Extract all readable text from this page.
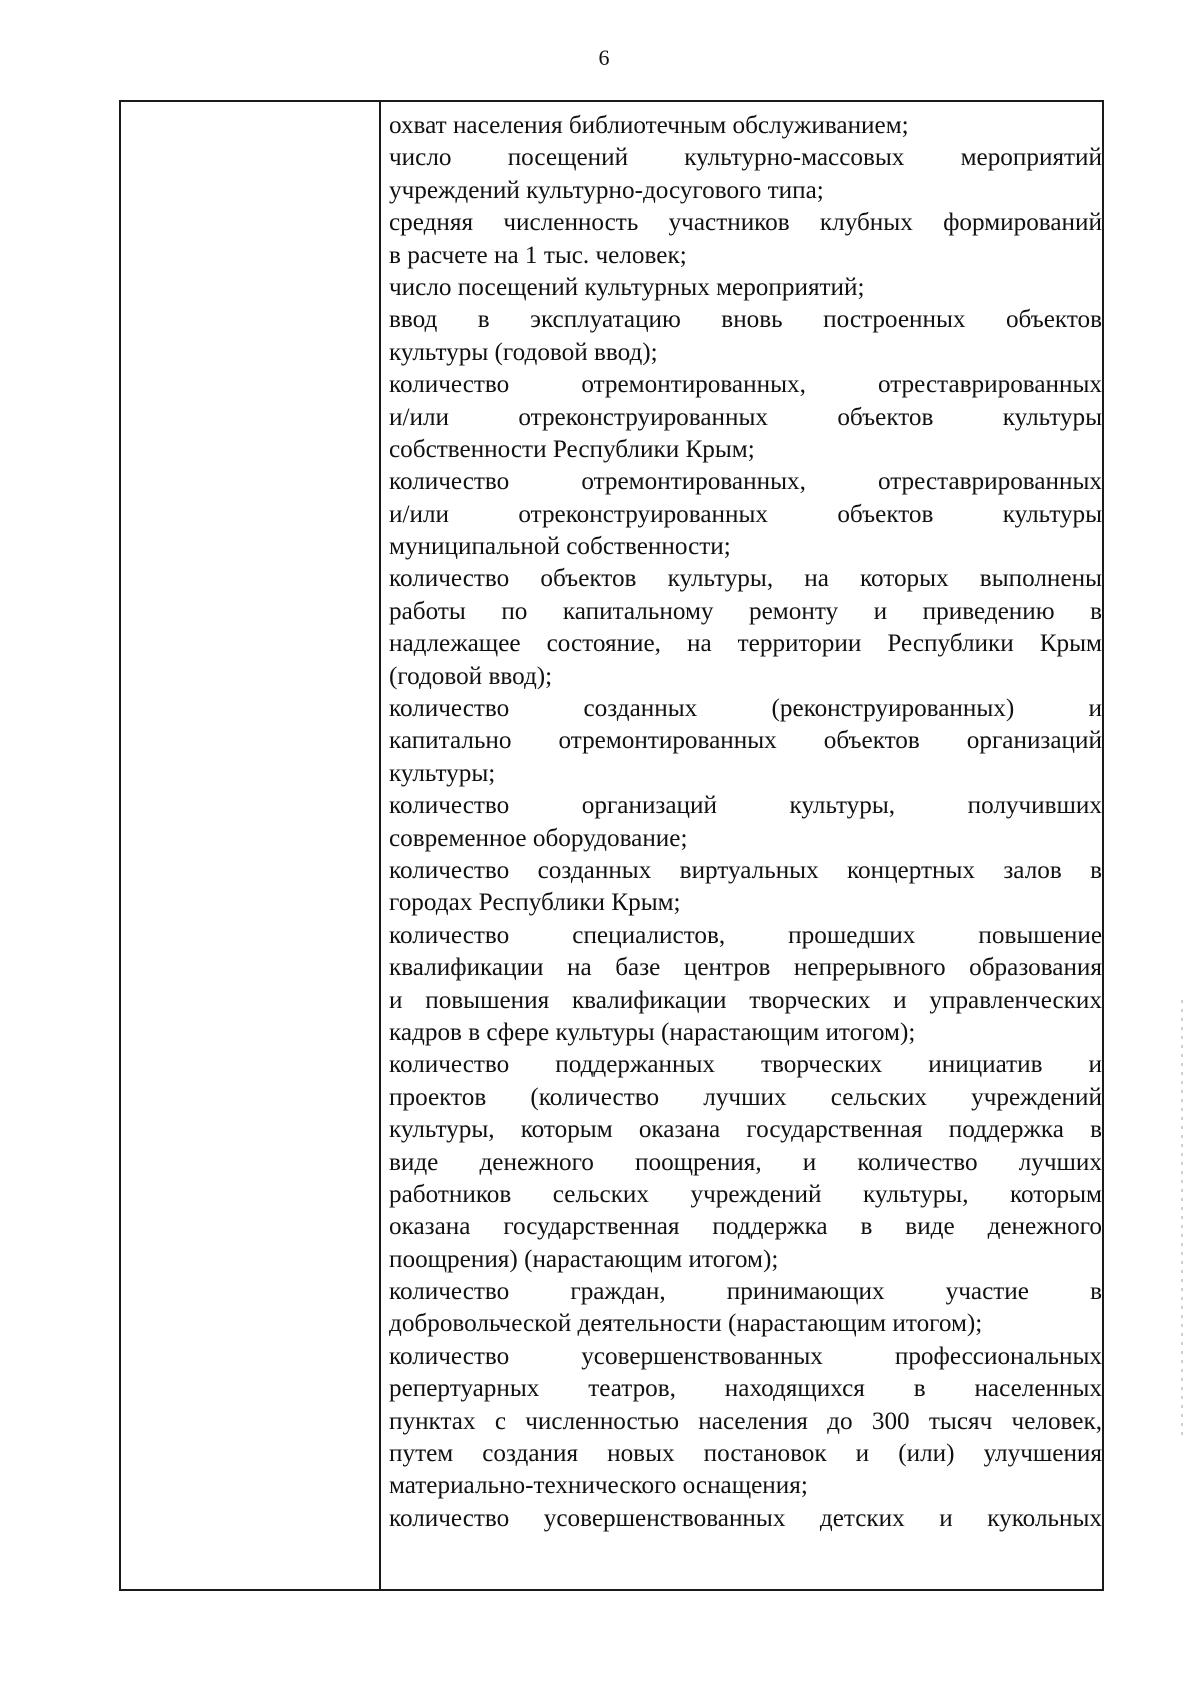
6
охват населения библиотечным обслуживанием;
число посещений культурно-массовых мероприятий
учреждений культурно-досугового типа;
средняя численность участников клубных формирований
в расчете на 1 тыс. человек;
число посещений культурных мероприятий;
ввод в эксплуатацию вновь построенных объектов
культуры (годовой ввод);
количество отремонтированных, отреставрированных
и/или отреконструированных объектов культуры
собственности Республики Крым;
количество отремонтированных, отреставрированных
и/или отреконструированных объектов культуры
муниципальной собственности;
количество объектов культуры, на которых выполнены
работы по капитальному ремонту и приведению в
надлежащее состояние, на территории Республики Крым
(годовой ввод);
количество созданных (реконструированных) и
капитально отремонтированных объектов организаций
культуры;
количество организаций культуры, получивших
современное оборудование;
количество созданных виртуальных концертных залов в
городах Республики Крым;
количество специалистов, прошедших повышение
квалификации на базе центров непрерывного образования
и повышения квалификации творческих и управленческих
кадров в сфере культуры (нарастающим итогом);
количество поддержанных творческих инициатив и
проектов (количество лучших сельских учреждений
культуры, которым оказана государственная поддержка в
виде денежного поощрения, и количество лучших
работников сельских учреждений культуры, которым
оказана государственная поддержка в виде денежного
поощрения) (нарастающим итогом);
количество граждан, принимающих участие в
добровольческой деятельности (нарастающим итогом);
количество усовершенствованных профессиональных
репертуарных театров, находящихся в населенных
пунктах с численностью населения до 300 тысяч человек,
путем создания новых постановок и (или) улучшения
материально-технического оснащения;
количество усовершенствованных детских и кукольных
